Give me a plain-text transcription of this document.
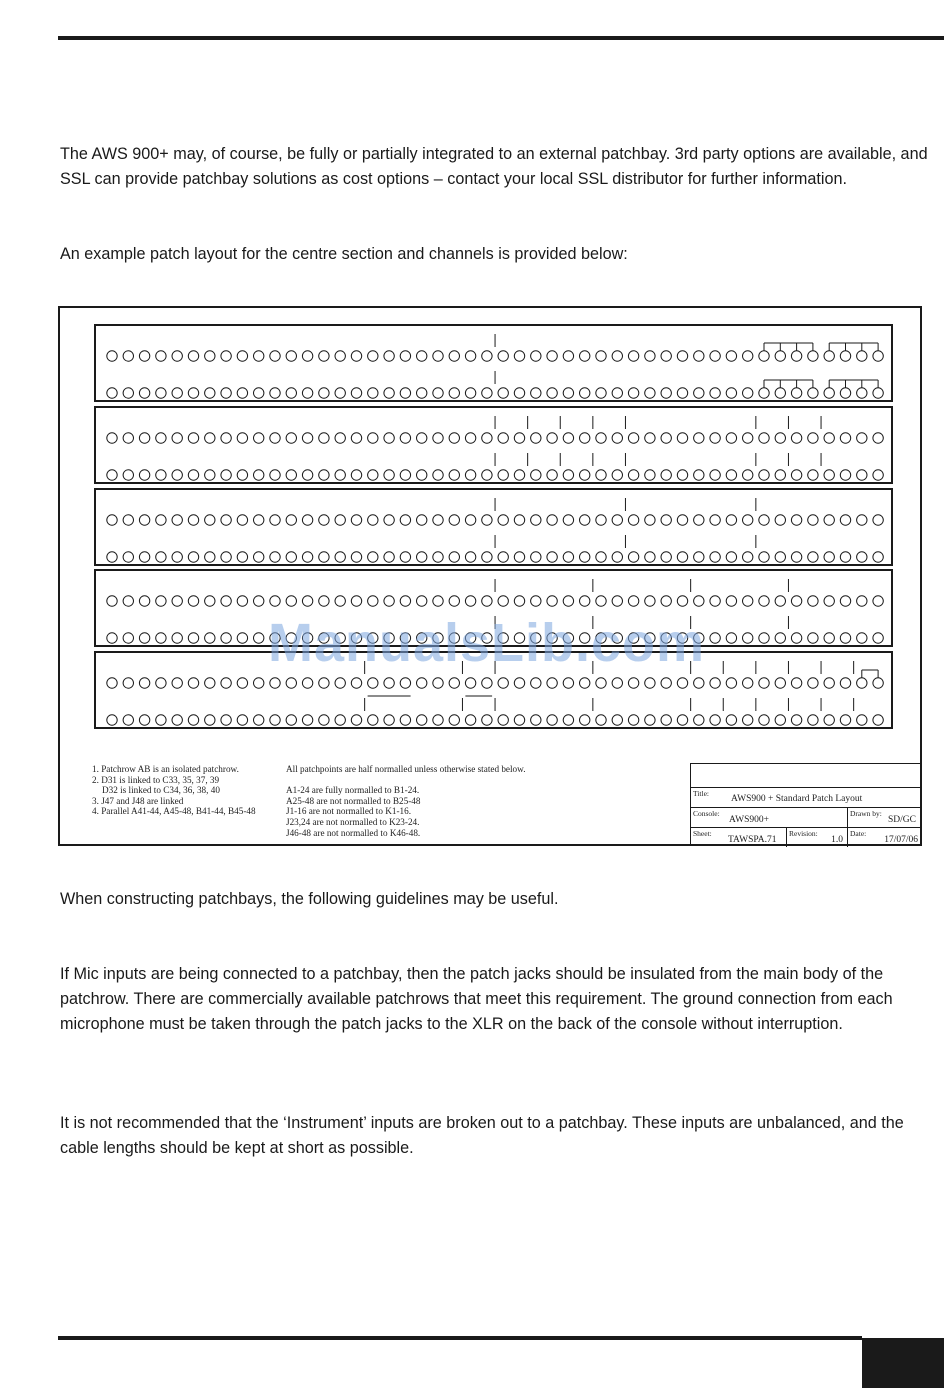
The AWS 900+ may, of course, be fully or partially integrated to an external patchbay. 3rd party options are available, and SSL can provide patchbay solutions as cost options – contact your local SSL distributor for further information.

An example patch layout for the centre section and channels is provided below:

1. Patchrow AB is an isolated patchrow.
2. D31 is linked to C33, 35, 37, 39
D32 is linked to C34, 36, 38, 40
3. J47 and J48 are linked
4. Parallel A41-44, A45-48, B41-44, B45-48
All patchpoints are half normalled unless otherwise stated below.
A1-24 are fully normalled to B1-24.
A25-48 are not normalled to B25-48
J1-16 are not normalled to K1-16.
J23,24 are not normalled to K23-24.
J46-48 are not normalled to K46-48.
Title:
AWS900 + Standard Patch Layout
Console:
AWS900+
Drawn by:
SD/GC
Sheet:
TAWSPA.71
Revision:
1.0
Date:
17/07/06
ManualsLib.com

When constructing patchbays, the following guidelines may be useful.

If Mic inputs are being connected to a patchbay, then the patch jacks should be insulated from the main body of the patchrow. There are commercially available patchrows that meet this requirement. The ground connection from each microphone must be taken through the patch jacks to the XLR on the back of the console without interruption.

It is not recommended that the ‘Instrument’ inputs are broken out to a patchbay. These inputs are unbalanced, and the cable lengths should be kept at short as possible.
